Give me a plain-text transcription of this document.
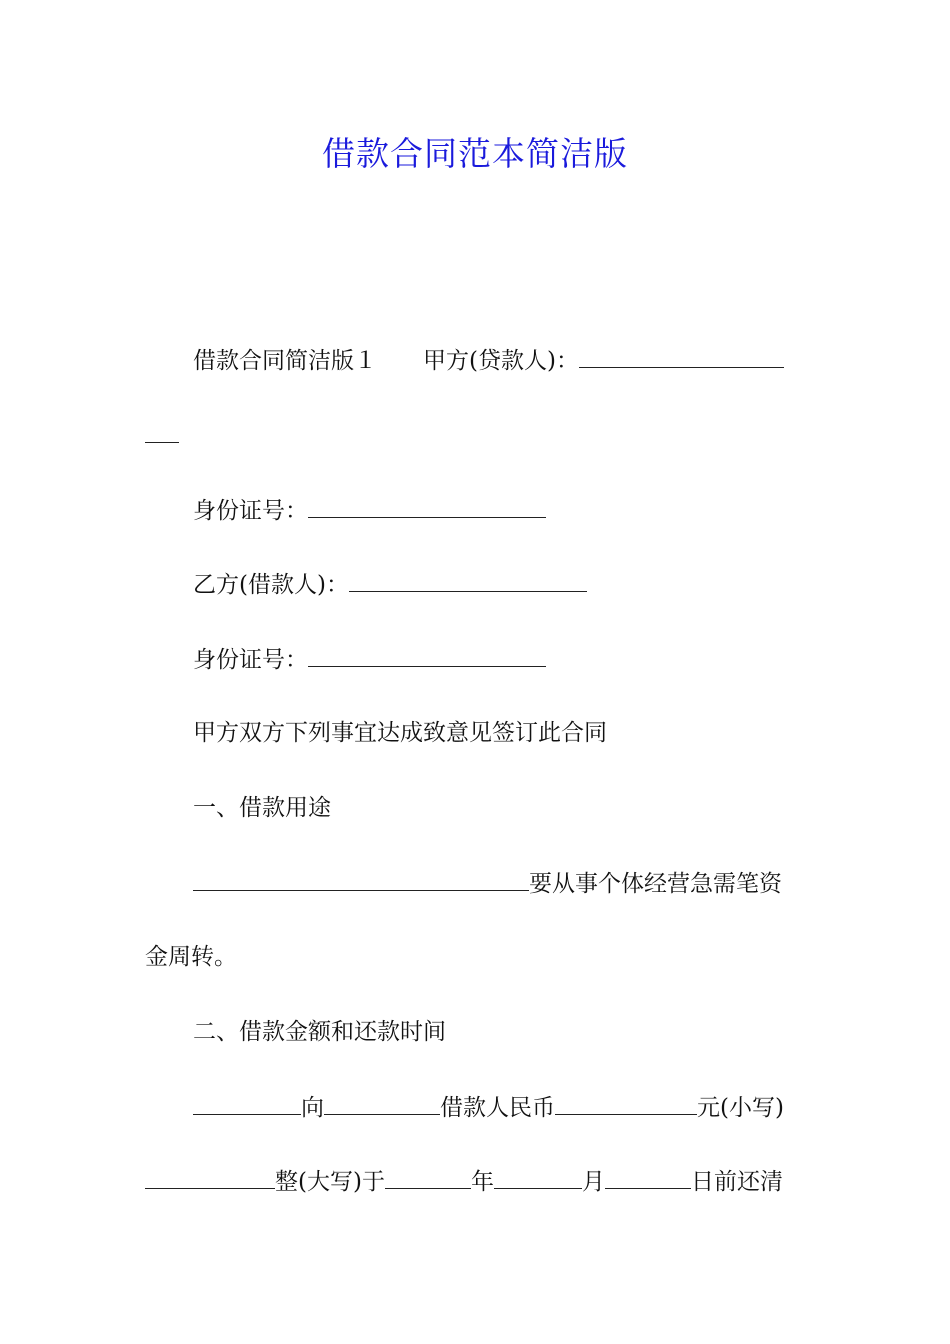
借款合同范本简洁版
借款合同简洁版１ 甲方(贷款人)：
身份证号：
乙方(借款人)：
身份证号：
甲方双方下列事宜达成致意见签订此合同
一、借款用途
要从事个体经营急需笔资
金周转。
二、借款金额和还款时间
向	借款人民币	元(小写)
整(大写)于	年	月	日前还清
